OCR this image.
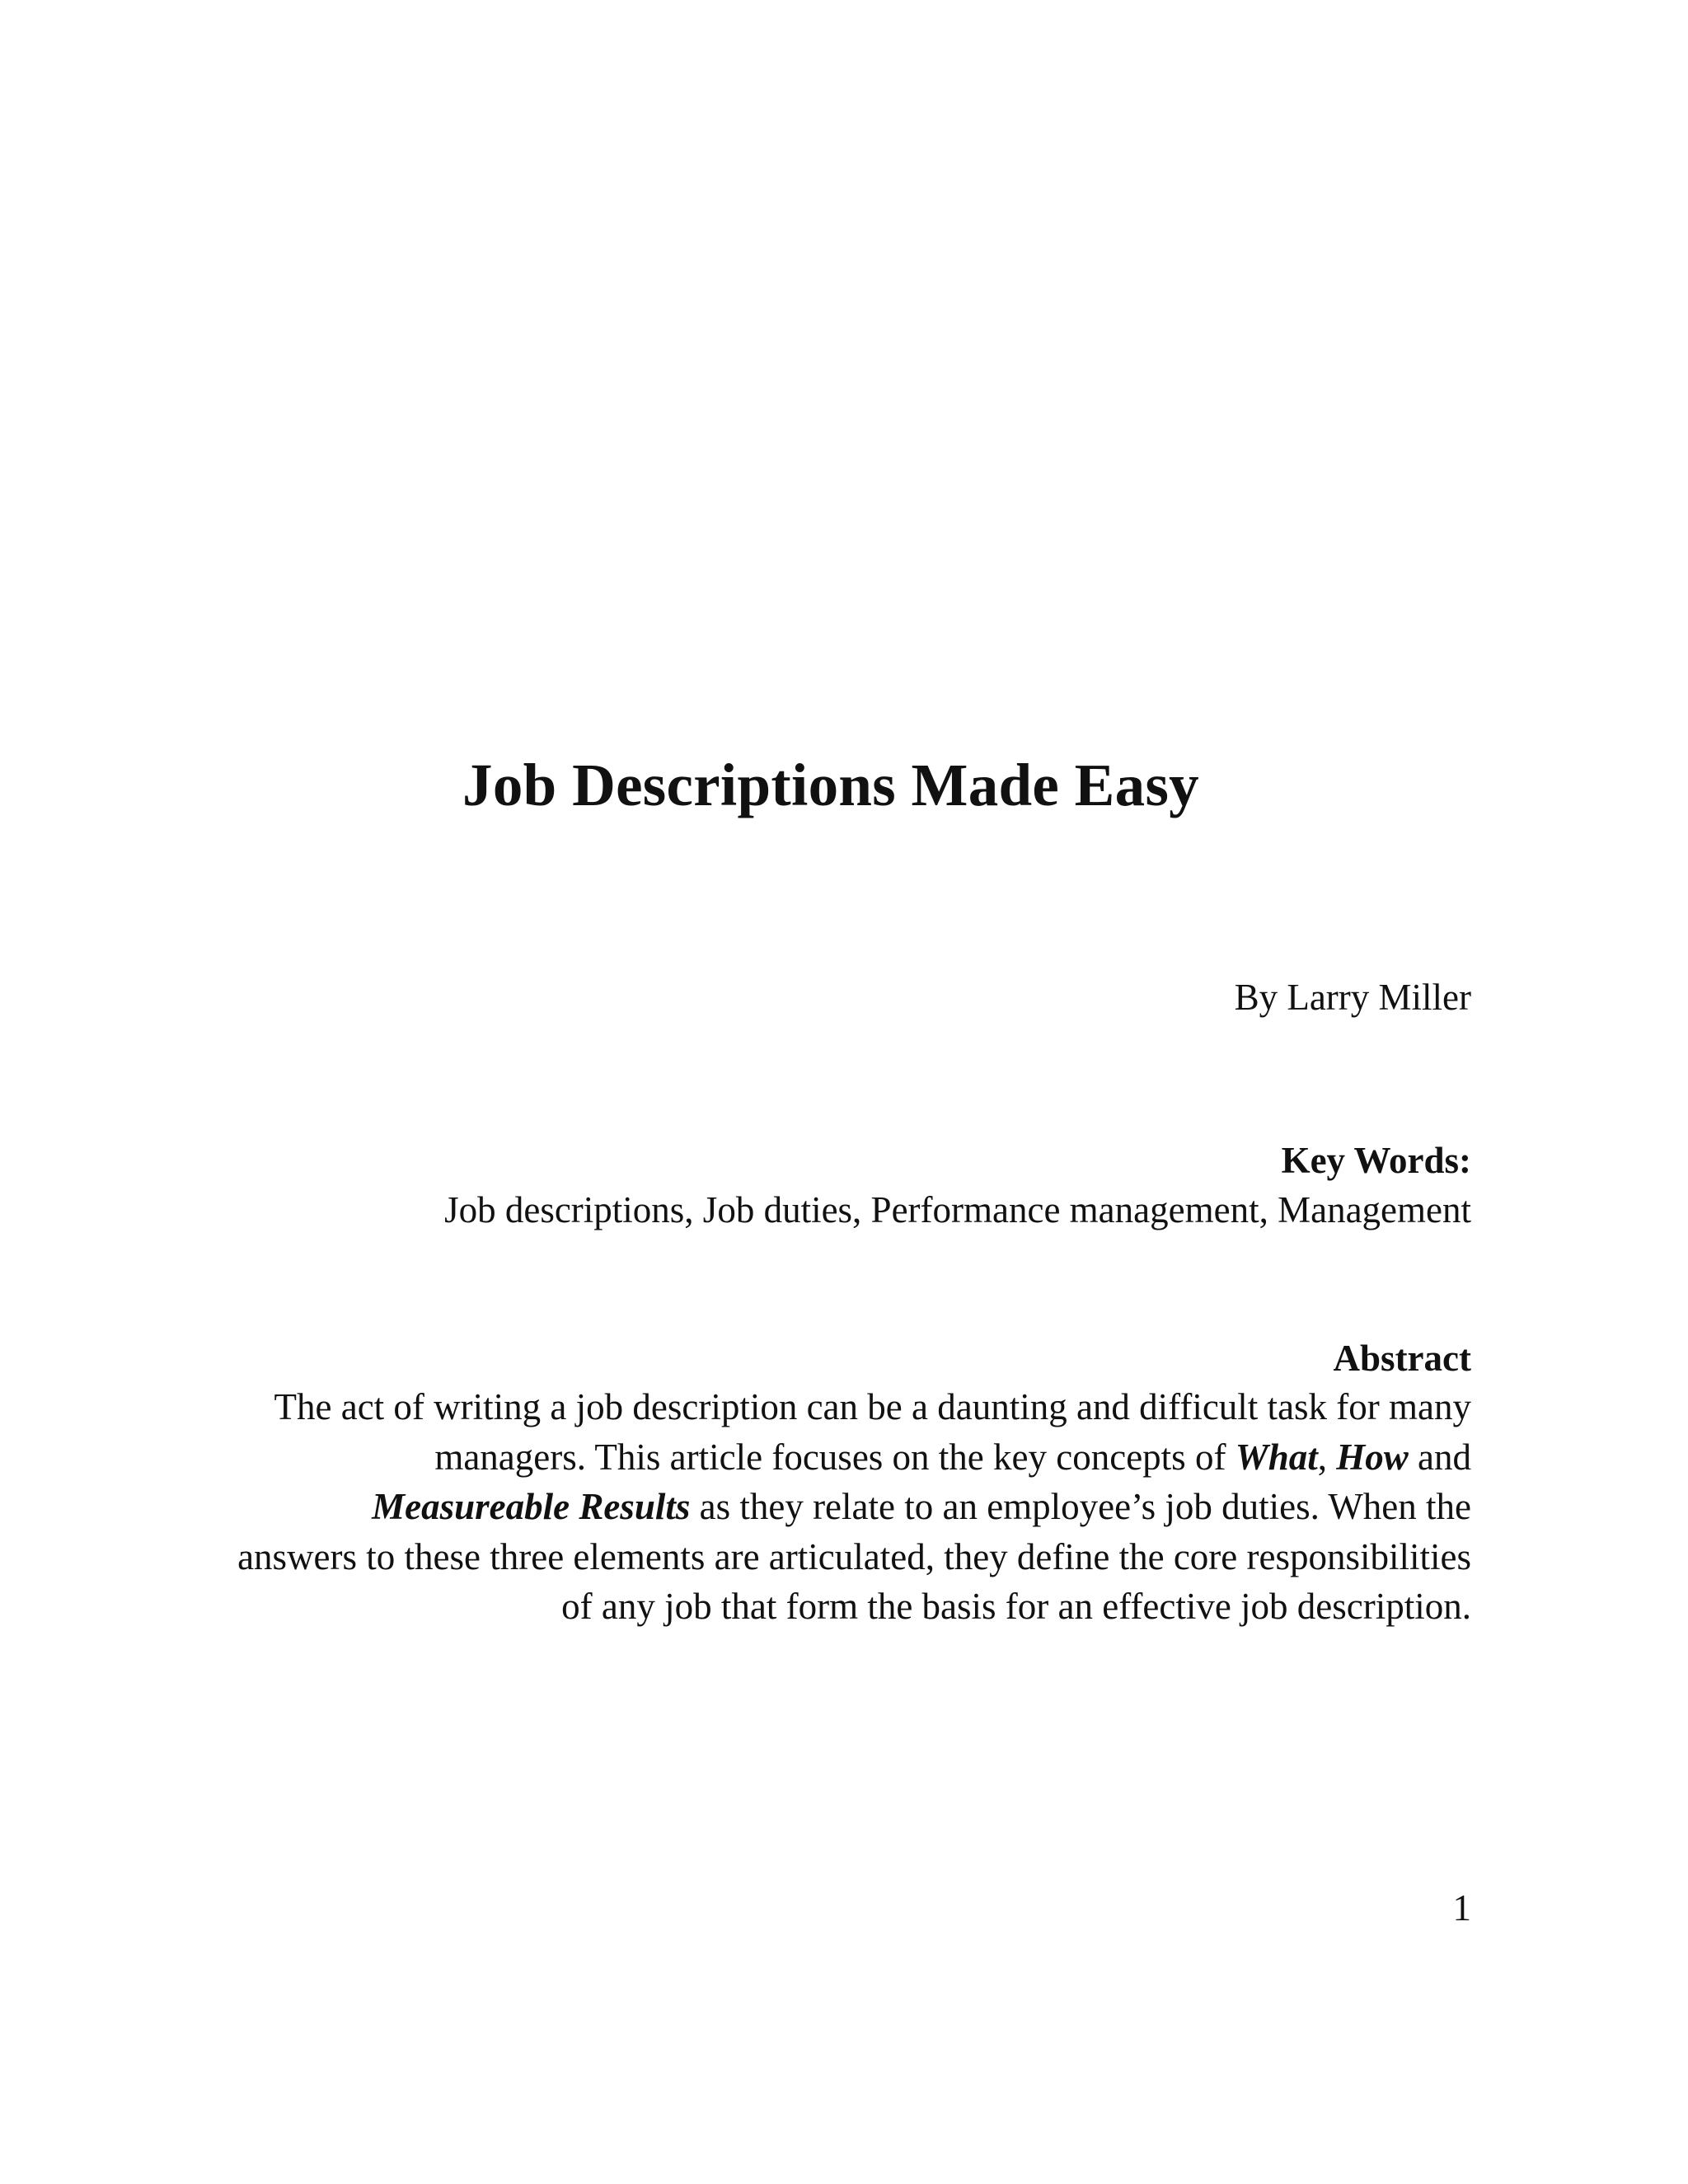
Job Descriptions Made Easy
By Larry Miller
Key Words:
Job descriptions, Job duties, Performance management, Management
Abstract
The act of writing a job description can be a daunting and difficult task for many
managers. This article focuses on the key concepts of What, How and
Measureable Results as they relate to an employee’s job duties. When the
answers to these three elements are articulated, they define the core responsibilities
of any job that form the basis for an effective job description.
1
